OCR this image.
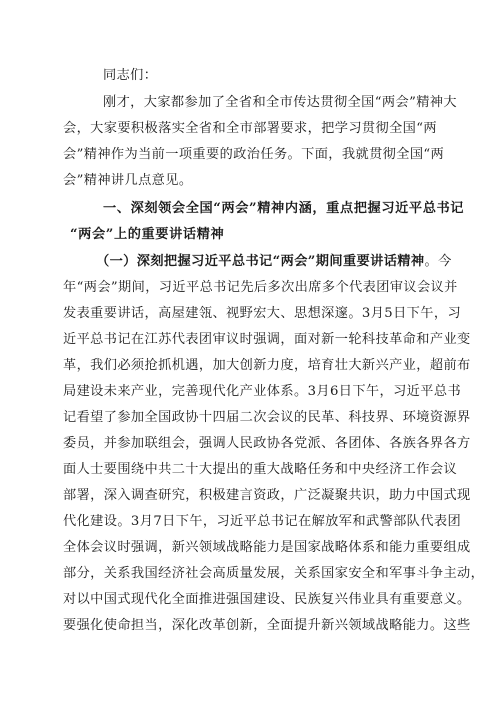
同志们：
刚才，大家都参加了全省和全市传达贯彻全国“两会”精神大
会，大家要积极落实全省和全市部署要求，把学习贯彻全国“两
会”精神作为当前一项重要的政治任务。下面，我就贯彻全国“两
会”精神讲几点意见。
一、深刻领会全国“两会”精神内涵，重点把握习近平总书记
“两会”上的重要讲话精神
（一）深刻把握习近平总书记“两会”期间重要讲话精神。今
年“两会”期间，习近平总书记先后多次出席多个代表团审议会议并
发表重要讲话，高屋建瓴、视野宏大、思想深邃。3月5日下午，习
近平总书记在江苏代表团审议时强调，面对新一轮科技革命和产业变
革，我们必须抢抓机遇，加大创新力度，培育壮大新兴产业，超前布
局建设未来产业，完善现代化产业体系。3月6日下午，习近平总书
记看望了参加全国政协十四届二次会议的民革、科技界、环境资源界
委员，并参加联组会，强调人民政协各党派、各团体、各族各界各方
面人士要围绕中共二十大提出的重大战略任务和中央经济工作会议
部署，深入调查研究，积极建言资政，广泛凝聚共识，助力中国式现
代化建设。3月7日下午，习近平总书记在解放军和武警部队代表团
全体会议时强调，新兴领域战略能力是国家战略体系和能力重要组成
部分，关系我国经济社会高质量发展，关系国家安全和军事斗争主动，
对以中国式现代化全面推进强国建设、民族复兴伟业具有重要意义。
要强化使命担当，深化改革创新，全面提升新兴领域战略能力。这些
